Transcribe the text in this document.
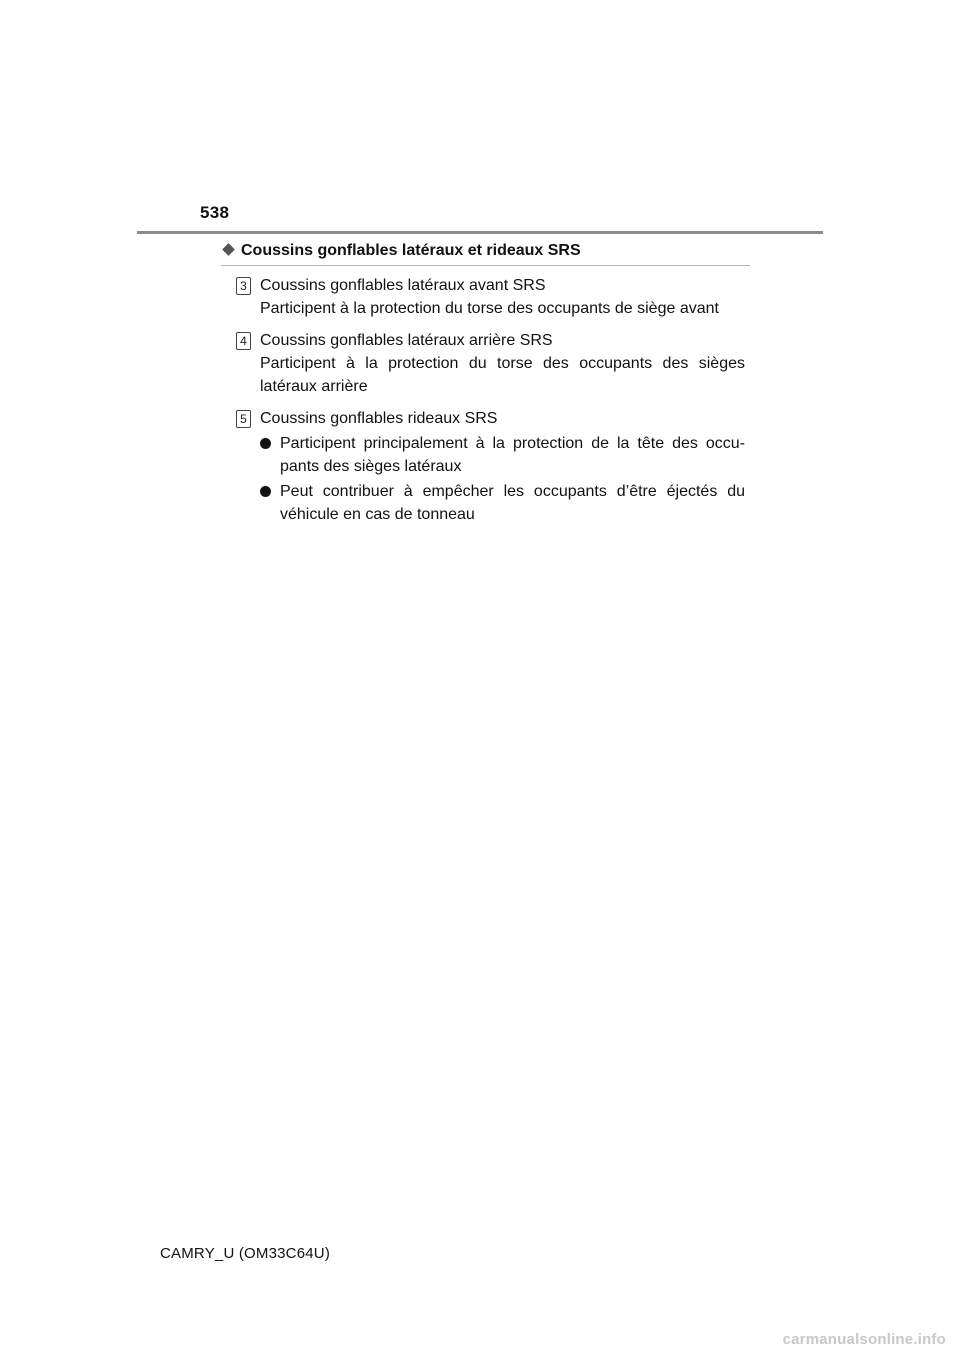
538
Coussins gonflables latéraux et rideaux SRS
3 Coussins gonflables latéraux avant SRS
Participent à la protection du torse des occupants de siège avant
4 Coussins gonflables latéraux arrière SRS
Participent à la protection du torse des occupants des sièges latéraux arrière
5 Coussins gonflables rideaux SRS
Participent principalement à la protection de la tête des occu- pants des sièges latéraux
Peut contribuer à empêcher les occupants d’être éjectés du véhicule en cas de tonneau
CAMRY_U (OM33C64U)
carmanualsonline.info
